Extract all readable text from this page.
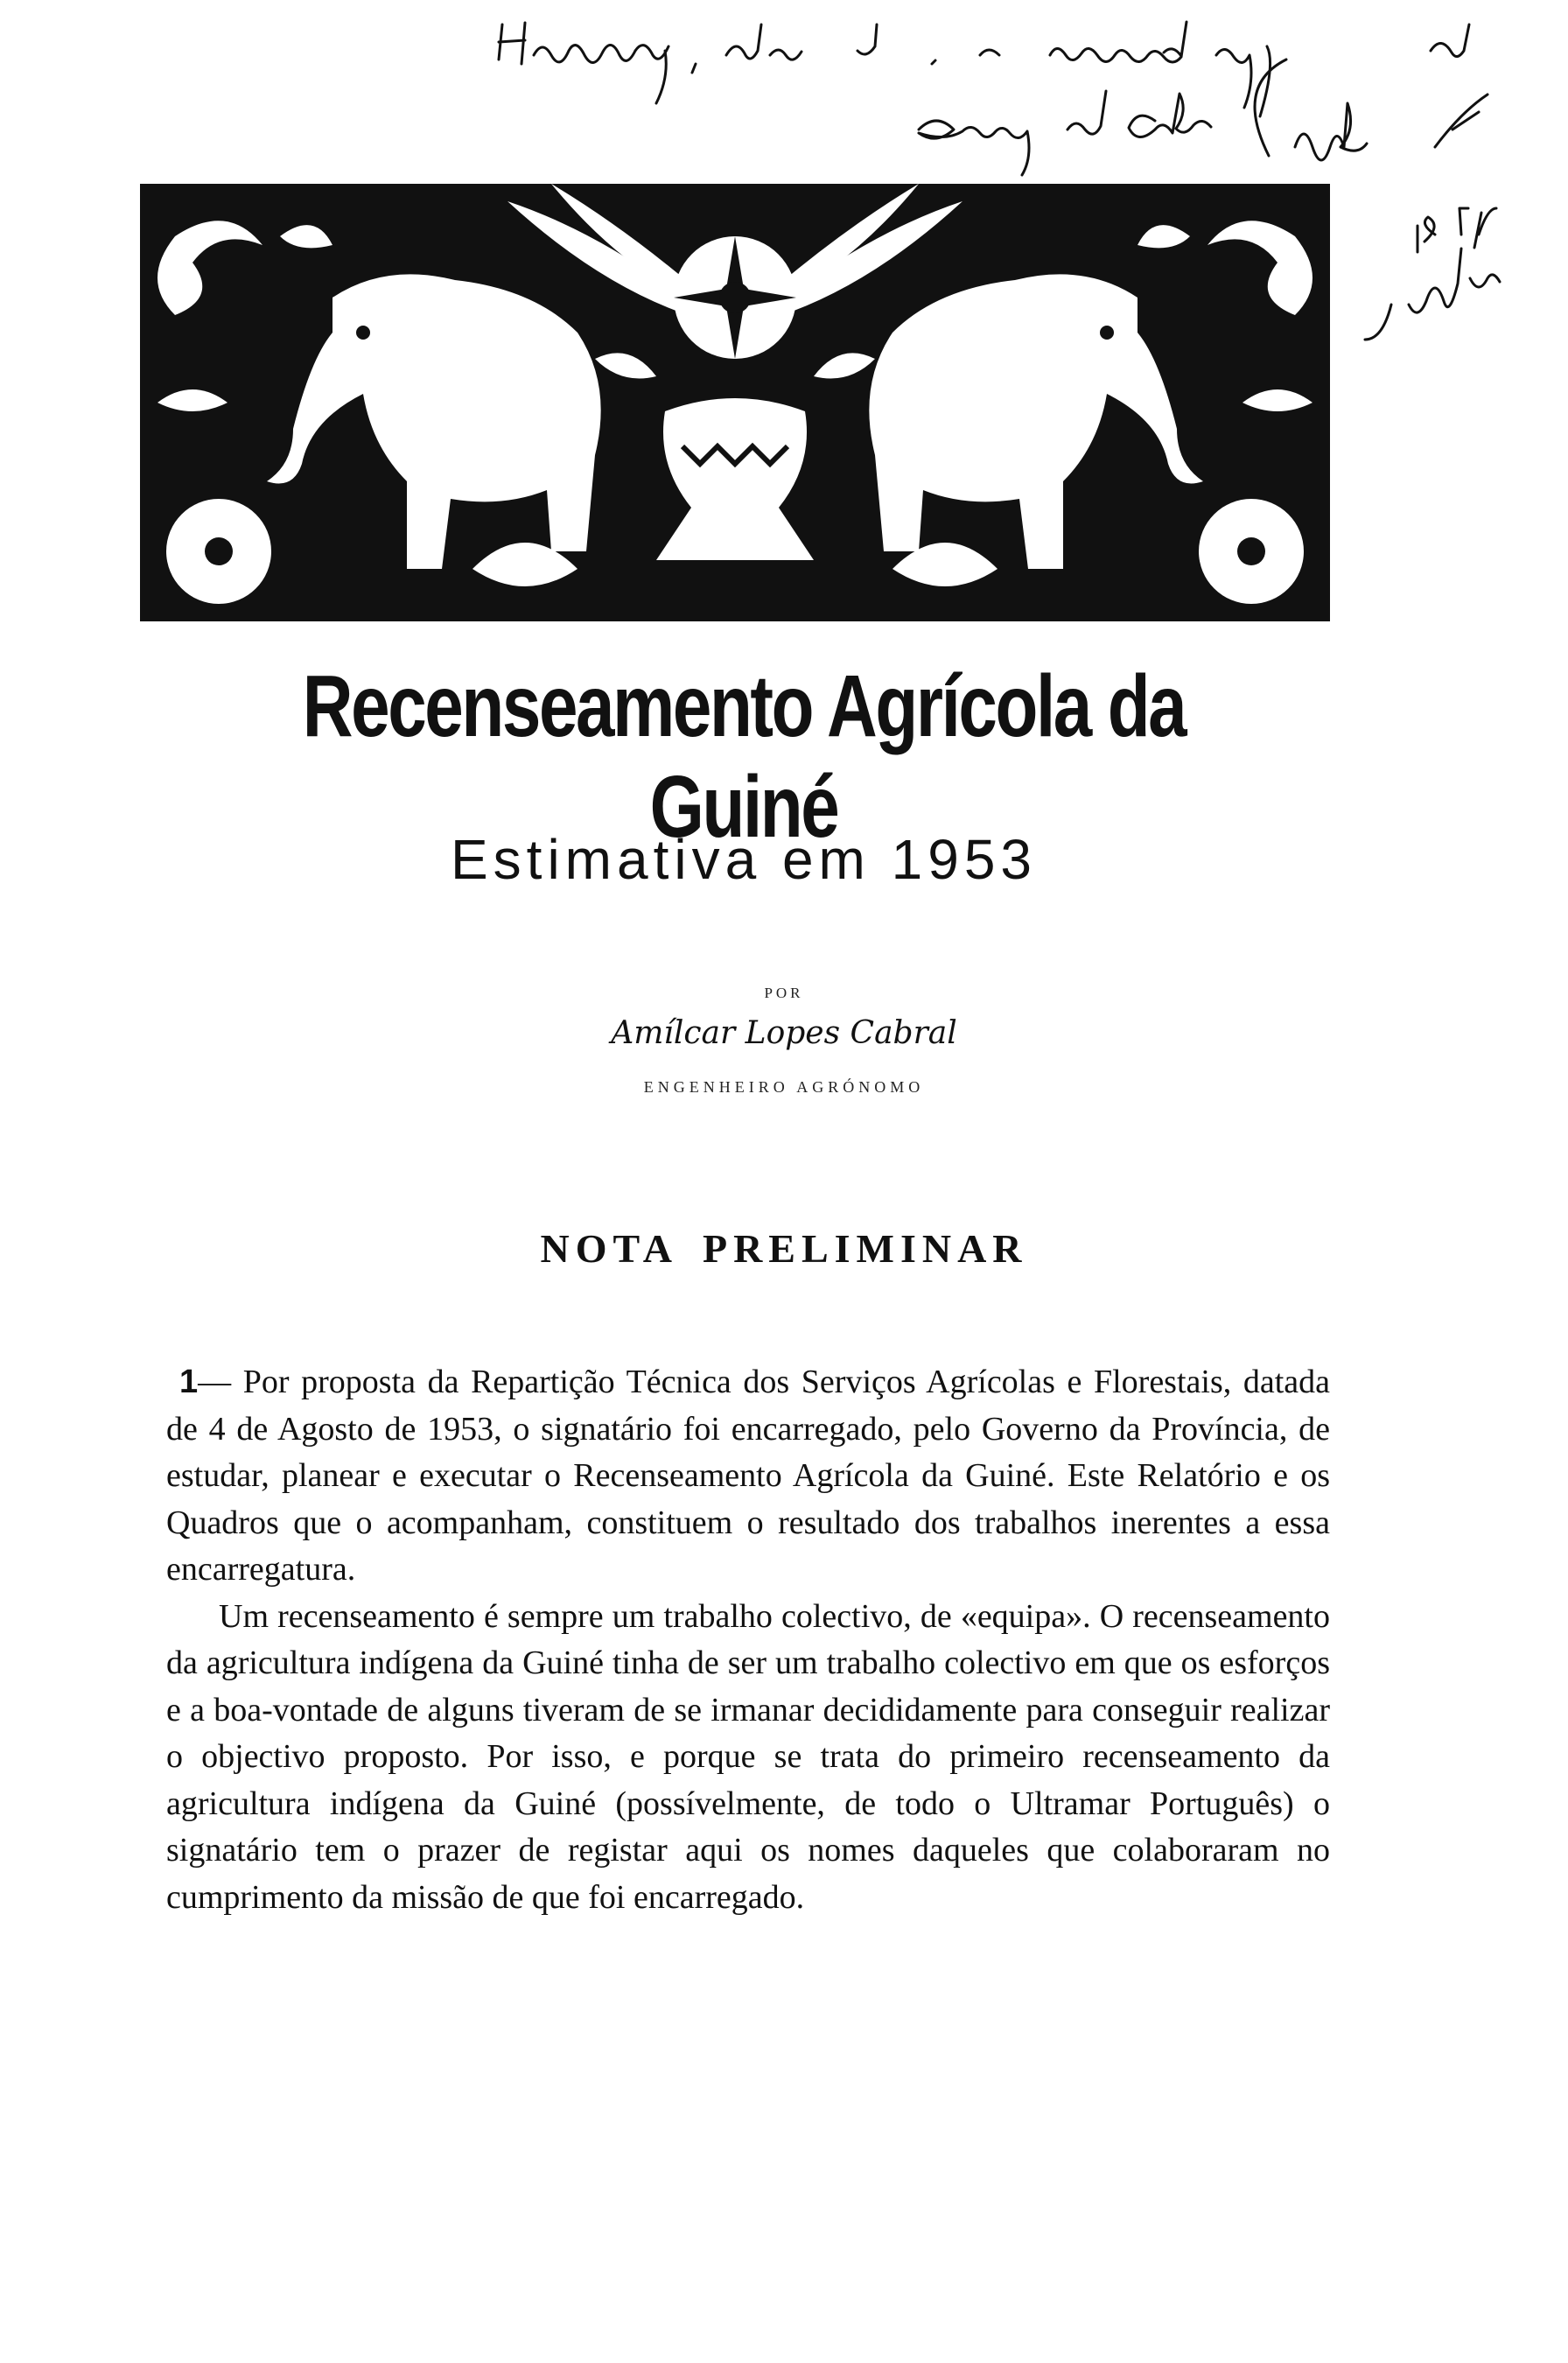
Recenseamento Agrícola da Guiné
Estimativa em 1953
POR
Amílcar Lopes Cabral
ENGENHEIRO AGRÓNOMO
NOTA PRELIMINAR

1— Por proposta da Repartição Técnica dos Serviços Agrícolas e Florestais, datada de 4 de Agosto de 1953, o signatário foi encarregado, pelo Governo da Província, de estudar, planear e executar o Recenseamento Agrícola da Guiné. Este Relatório e os Quadros que o acompanham, constituem o resultado dos trabalhos inerentes a essa encarregatura.

Um recenseamento é sempre um trabalho colectivo, de «equipa». O recenseamento da agricultura indígena da Guiné tinha de ser um trabalho colectivo em que os esforços e a boa-vontade de alguns tiveram de se irmanar decididamente para conseguir realizar o objectivo proposto. Por isso, e porque se trata do primeiro recenseamento da agricultura indígena da Guiné (possívelmente, de todo o Ultramar Português) o signatário tem o prazer de registar aqui os nomes daqueles que colaboraram no cumprimento da missão de que foi encarregado.
